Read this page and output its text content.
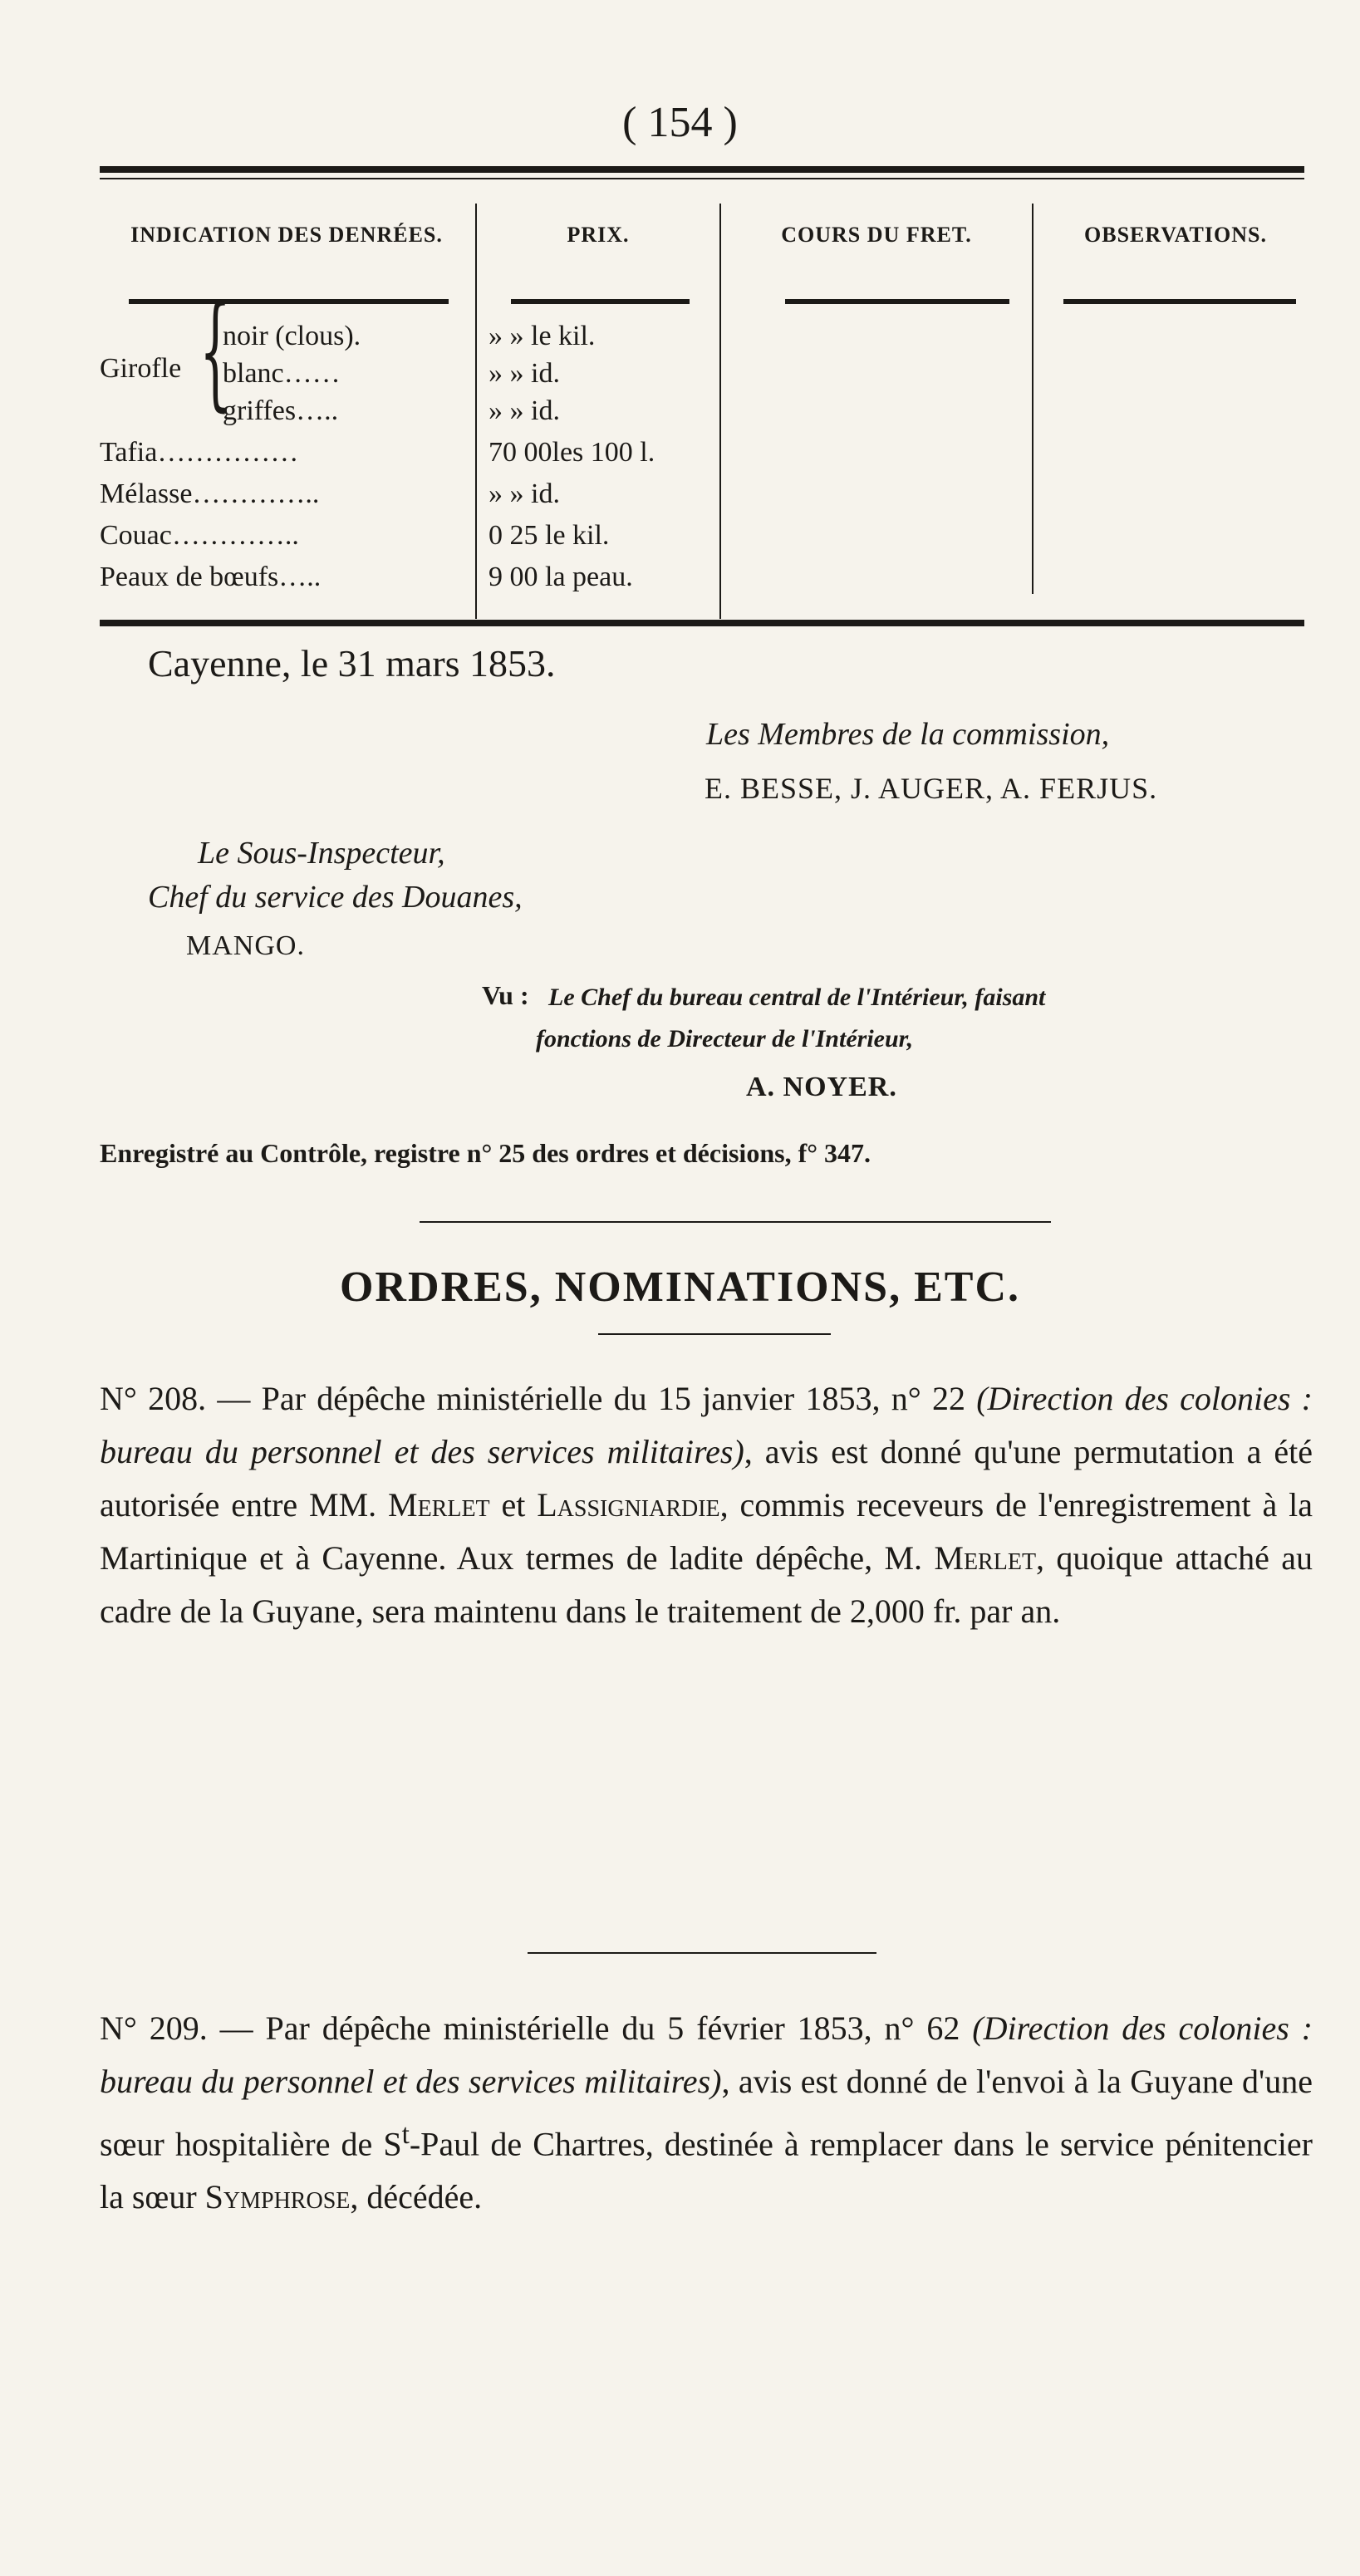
( 154 )
INDICATION DES DENRÉES.	PRIX.	COURS DU FRET.	OBSERVATIONS.
Girofle {
noir (clous).	» » le kil.
blanc……	» » id.
griffes…..	» » id.
Tafia……………	70 00les 100 l.
Mélasse…………..	» » id.
Couac…………..	0 25 le kil.
Peaux de bœufs…..	9 00 la peau.
Cayenne, le 31 mars 1853.
Les Membres de la commission,
E. BESSE, J. AUGER, A. FERJUS.
Le Sous-Inspecteur,
Chef du service des Douanes,
MANGO.
Vu : Le Chef du bureau central de l'Intérieur, faisant
fonctions de Directeur de l'Intérieur,
A. NOYER.
Enregistré au Contrôle, registre n° 25 des ordres et décisions, f° 347.
ORDRES, NOMINATIONS, ETC.
N° 208. — Par dépêche ministérielle du 15 janvier 1853, n° 22 (Direction des colonies : bureau du personnel et des services militaires), avis est donné qu'une permutation a été autorisée entre MM. Merlet et Lassigniardie, commis receveurs de l'enregistrement à la Martinique et à Cayenne. Aux termes de ladite dépêche, M. Merlet, quoique attaché au cadre de la Guyane, sera maintenu dans le traitement de 2,000 fr. par an.
N° 209. — Par dépêche ministérielle du 5 février 1853, n° 62 (Direction des colonies : bureau du personnel et des services militaires), avis est donné de l'envoi à la Guyane d'une sœur hospitalière de $S^t$-Paul de Chartres, destinée à remplacer dans le service pénitencier la sœur Symphrose, décédée.
